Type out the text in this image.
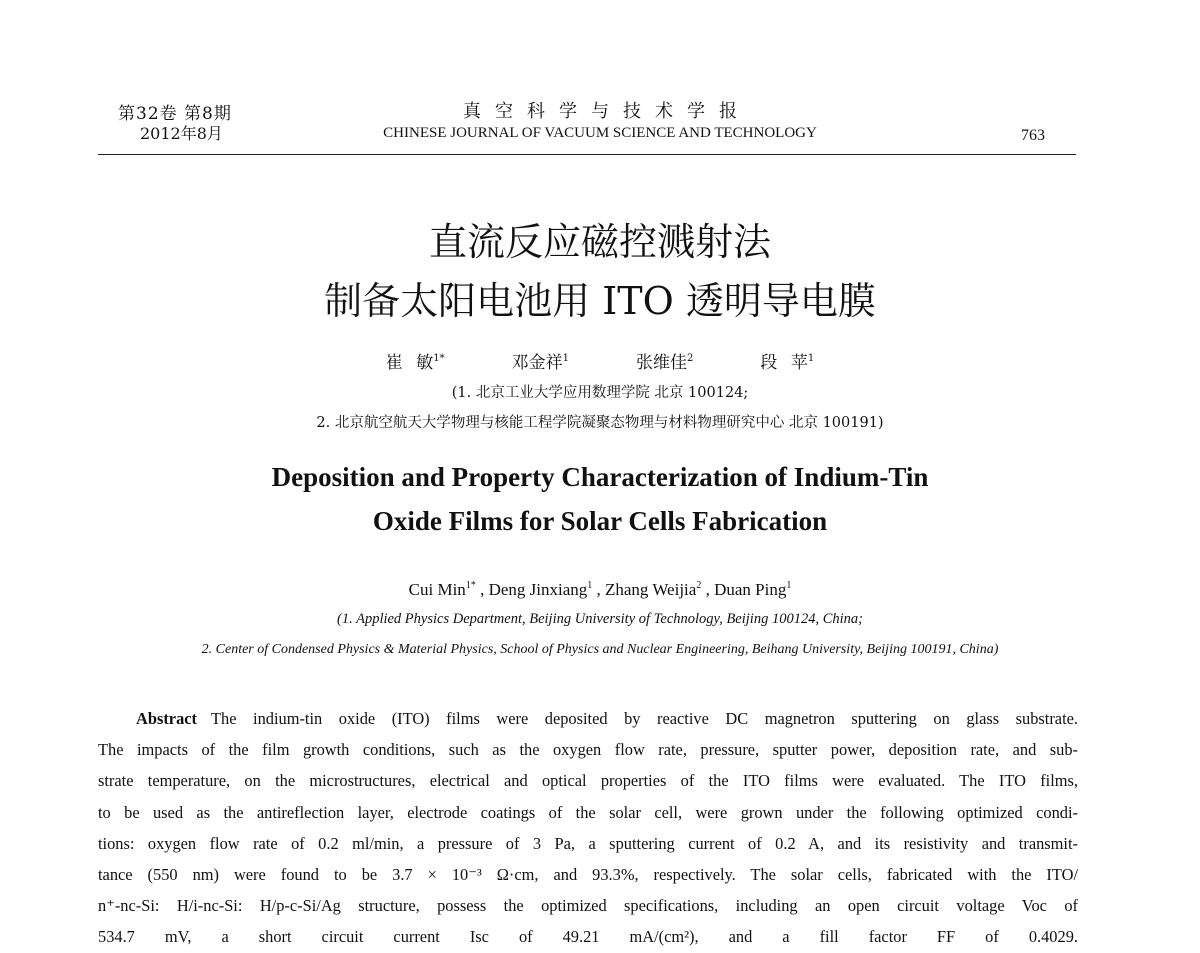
第32卷 第8期
2012年8月
真空科学与技术学报
CHINESE JOURNAL OF VACUUM SCIENCE AND TECHNOLOGY	763
直流反应磁控溅射法
制备太阳电池用 ITO 透明导电膜
崔 敏$^{1*}$	邓金祥$^1$	张维佳$^2$	段 苹$^1$
(1. 北京工业大学应用数理学院 北京 100124;
2. 北京航空航天大学物理与核能工程学院凝聚态物理与材料物理研究中心 北京 100191)
Deposition and Property Characterization of Indium-Tin
Oxide Films for Solar Cells Fabrication
Cui Min$^{1*}$ , Deng Jinxiang$^1$ , Zhang Weijia$^2$ , Duan Ping$^1$
(1. Applied Physics Department, Beijing University of Technology, Beijing 100124, China;
2. Center of Condensed Physics & Material Physics, School of Physics and Nuclear Engineering, Beihang University, Beijing 100191, China)
Abstract The indium-tin oxide (ITO) films were deposited by reactive DC magnetron sputtering on glass substrate.
The impacts of the film growth conditions, such as the oxygen flow rate, pressure, sputter power, deposition rate, and sub-
strate temperature, on the microstructures, electrical and optical properties of the ITO films were evaluated. The ITO films,
to be used as the antireflection layer, electrode coatings of the solar cell, were grown under the following optimized condi-
tions: oxygen flow rate of 0.2 ml/min, a pressure of 3 Pa, a sputtering current of 0.2 A, and its resistivity and transmit-
tance (550 nm) were found to be 3.7 × 10⁻³ Ω·cm, and 93.3%, respectively. The solar cells, fabricated with the ITO/
n⁺-nc-Si: H/i-nc-Si: H/p-c-Si/Ag structure, possess the optimized specifications, including an open circuit voltage Voc of
534.7 mV, a short circuit current Isc of 49.21 mA/(cm²), and a fill factor FF of 0.4029.
